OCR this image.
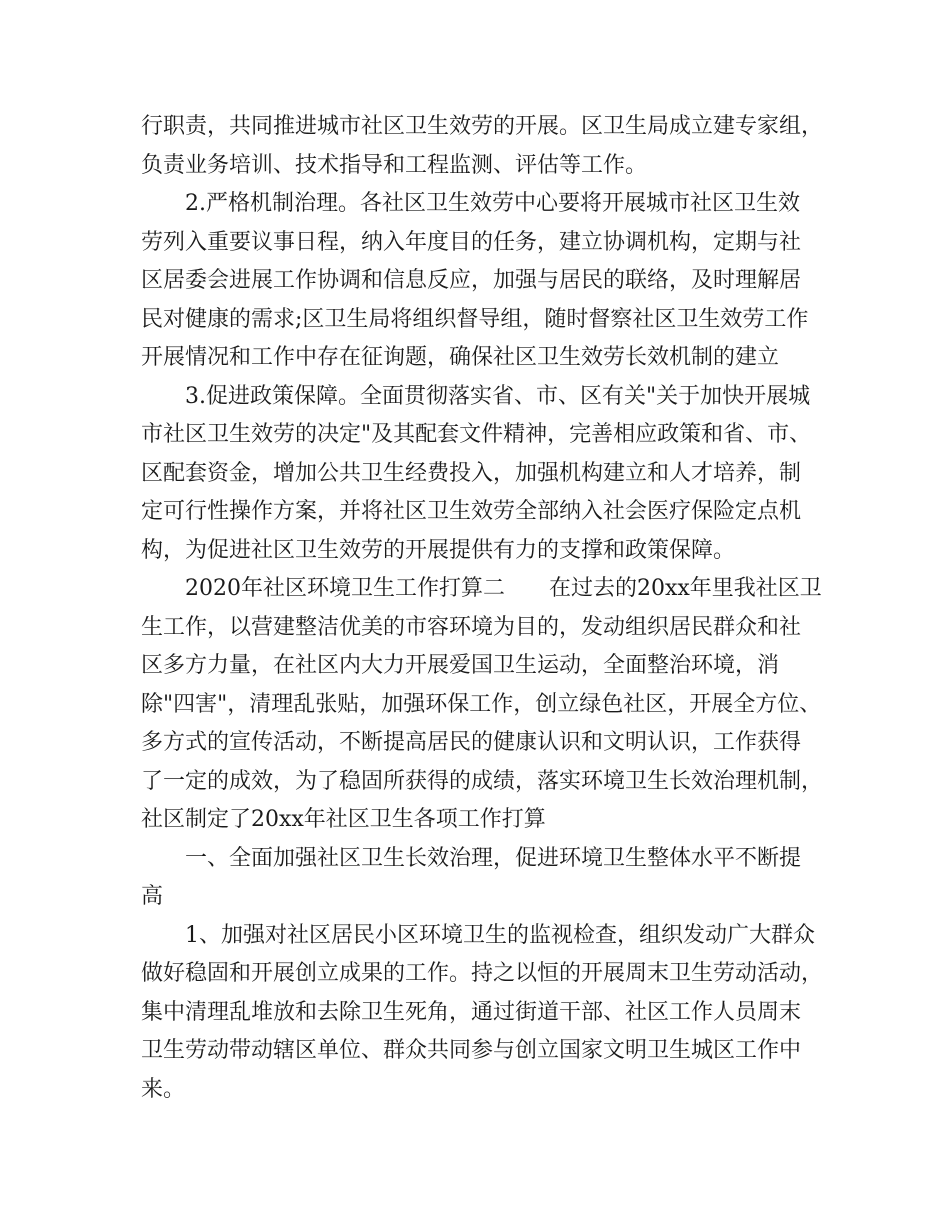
行职责，共同推进城市社区卫生效劳的开展。区卫生局成立建专家组，
负责业务培训、技术指导和工程监测、评估等工作。
2.严格机制治理。各社区卫生效劳中心要将开展城市社区卫生效
劳列入重要议事日程，纳入年度目的任务，建立协调机构，定期与社
区居委会进展工作协调和信息反应，加强与居民的联络，及时理解居
民对健康的需求;区卫生局将组织督导组，随时督察社区卫生效劳工作
开展情况和工作中存在征询题，确保社区卫生效劳长效机制的建立
3.促进政策保障。全面贯彻落实省、市、区有关"关于加快开展城
市社区卫生效劳的决定"及其配套文件精神，完善相应政策和省、市、
区配套资金，增加公共卫生经费投入，加强机构建立和人才培养，制
定可行性操作方案，并将社区卫生效劳全部纳入社会医疗保险定点机
构，为促进社区卫生效劳的开展提供有力的支撑和政策保障。
2020年社区环境卫生工作打算二　　在过去的20xx年里我社区卫
生工作，以营建整洁优美的市容环境为目的，发动组织居民群众和社
区多方力量，在社区内大力开展爱国卫生运动，全面整治环境，消
除"四害"，清理乱张贴，加强环保工作，创立绿色社区，开展全方位、
多方式的宣传活动，不断提高居民的健康认识和文明认识，工作获得
了一定的成效，为了稳固所获得的成绩，落实环境卫生长效治理机制，
社区制定了20xx年社区卫生各项工作打算
一、全面加强社区卫生长效治理，促进环境卫生整体水平不断提
高
1、加强对社区居民小区环境卫生的监视检查，组织发动广大群众
做好稳固和开展创立成果的工作。持之以恒的开展周末卫生劳动活动，
集中清理乱堆放和去除卫生死角，通过街道干部、社区工作人员周末
卫生劳动带动辖区单位、群众共同参与创立国家文明卫生城区工作中
来。
